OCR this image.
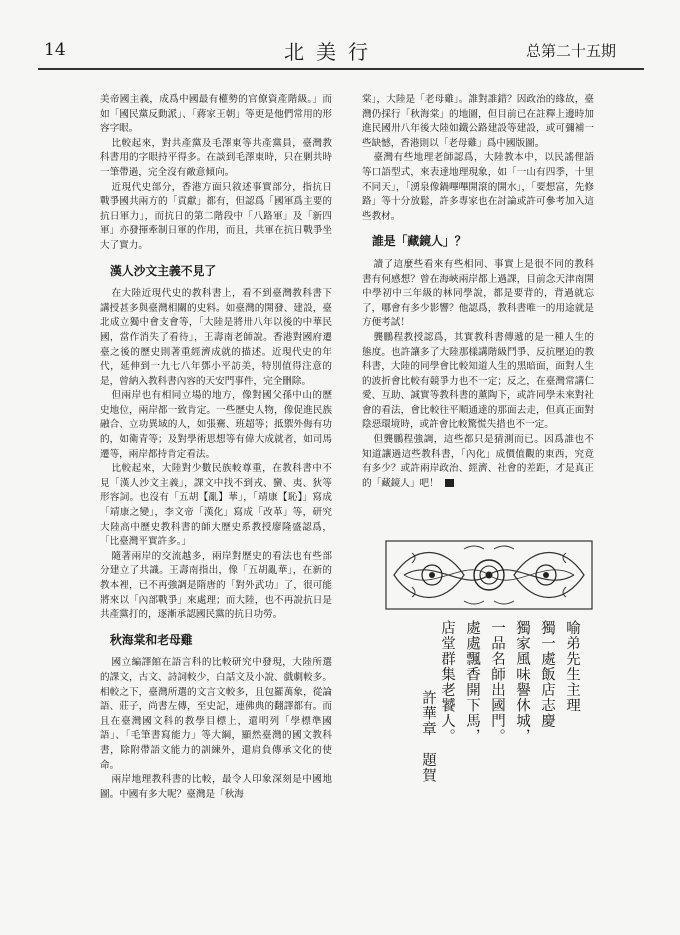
14	北美行	总第二十五期

美帝國主義，成爲中國最有權勢的官僚資產階級。」而如「國民黨反動派」、「蔣家王朝」等更是他們常用的形容字眼。

比較起來，對共產黨及毛澤東等共產黨員，臺灣教科書用的字眼持平得多。在談到毛澤東時，只在剿共時一筆帶過，完全沒有敵意傾向。

近現代史部分，香港方面只敘述事實部分，指抗日戰爭國共兩方的「貢獻」都有，但認爲「國軍爲主要的抗日軍力」，而抗日的第二階段中「八路軍」及「新四軍」亦發揮牽制日軍的作用，而且，共軍在抗日戰爭坐大了實力。

漢人沙文主義不見了

在大陸近現代史的教科書上，看不到臺灣教科書下講授甚多與臺灣相關的史料。如臺灣的開發、建設，臺北成立獨中會支會等，「大陸是將卅八年以後的中華民國，當作消失了看待」，王壽南老師說。香港對國府遷臺之後的歷史則著重經濟成就的描述。近現代史的年代，延伸到一九七八年鄧小平訪美，特別值得注意的是，曾納入教科書內容的天安門事件，完全刪除。

但兩岸也有相同立場的地方，像對國父孫中山的歷史地位，兩岸都一致肯定。一些歷史人物，像促進民族融合、立功異域的人，如張騫、班超等；抵禦外侮有功的，如衛青等；及對學術思想等有偉大成就者，如司馬遷等，兩岸都持肯定看法。

比較起來，大陸對少數民族較尊重，在教科書中不見「漢人沙文主義」，課文中找不到戎、蠻、夷、狄等形容詞。也沒有「五胡【亂】華」，「靖康【恥】」寫成「靖康之變」，李文帝「漢化」寫成「改革」等，研究大陸高中歷史教科書的師大歷史系教授廖隆盛認爲，「比臺灣平實許多。」

隨著兩岸的交流越多，兩岸對歷史的看法也有些部分建立了共識。王壽南指出，像「五胡亂華」，在新的教本裡，已不再強調是隋唐的「對外武功」了，很可能將來以「內部戰爭」來處理；而大陸，也不再說抗日是共產黨打的，逐漸承認國民黨的抗日功勞。

秋海棠和老母雞

國立編譯館在語言科的比較研究中發現，大陸所選的課文，古文、詩詞較少，白話文及小說、戲劇較多。相較之下，臺灣所選的文言文較多，且包羅萬象，從論語、莊子，尚書左傳，至史記，連佛典的翻譯都有。而且在臺灣國文科的教學目標上，還明列「學標準國語」、「毛筆書寫能力」等大綱，顯然臺灣的國文教科書，除附帶語文能力的訓練外，還肩負傳承文化的使命。

兩岸地理教科書的比較，最令人印象深刻是中國地圖。中國有多大呢？臺灣是「秋海

棠」，大陸是「老母雞」。誰對誰錯？因政治的緣故，臺灣仍採行「秋海棠」的地圖，但目前已在註釋上邊時加進民國卅八年後大陸如鐵公路建設等建設，或可彌補一些缺憾，香港則以「老母雞」爲中國版圖。

臺灣有些地理老師認爲，大陸教本中，以民謠俚語等口語型式，來表達地理現象，如「一山有四季，十里不同天」，「湧泉像鍋嗶嗶開滾的開水」，「要想富，先修路」等十分放鬆，許多專家也在討論或許可參考加入這些教材。

誰是「藏鏡人」？

讀了這麼些看來有些相同、事實上是很不同的教科書有何感想？曾在海峽兩岸都上過課，目前念天津南開中學初中三年級的林同學說，都是要背的，背過就忘了，哪會有多少影響？他認爲，教科書唯一的用途就是方便考試！

龔鵬程教授認爲，其實教科書傳遞的是一種人生的態度。也許讓多了大陸那樣講階級鬥爭、反抗壓迫的教科書，大陸的同學會比較知道人生的黑暗面，面對人生的波折會比較有競爭力也不一定；反之，在臺灣常講仁愛、互助、誠實等教科書的薰陶下，或許同學未來對社會的看法，會比較往平順通達的那面去走，但真正面對陰惡環境時，或許會比較驚慌失措也不一定。

但龔鵬程強調，這些都只是猜測而已。因爲誰也不知道讓過這些教科書，「內化」成價值觀的東西，究竟有多少？或許兩岸政治、經濟、社會的差距，才是真正的「藏鏡人」吧！

喻弟先生主理
獨一處飯店志慶
獨家風味譽休城，
一品名師出國門。
處處飄香開下馬，
店堂群集老饕人。
許華章　題賀
